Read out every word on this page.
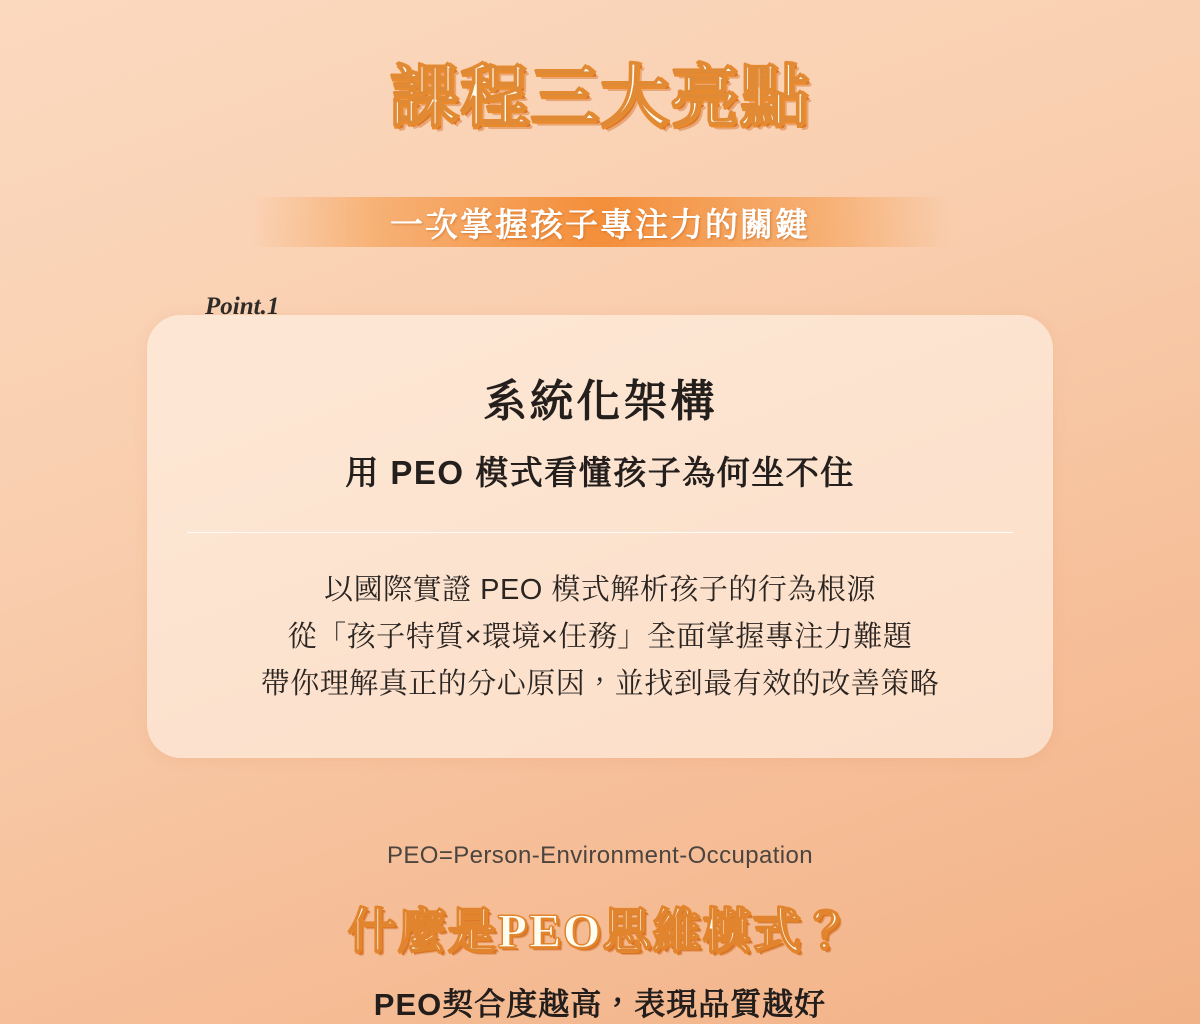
課程三大亮點
一次掌握孩子專注力的關鍵
Point.1
系統化架構
用 PEO 模式看懂孩子為何坐不住
以國際實證 PEO 模式解析孩子的行為根源
從「孩子特質×環境×任務」全面掌握專注力難題
帶你理解真正的分心原因，並找到最有效的改善策略
PEO=Person-Environment-Occupation
什麼是PEO思維模式？
PEO契合度越高，表現品質越好
